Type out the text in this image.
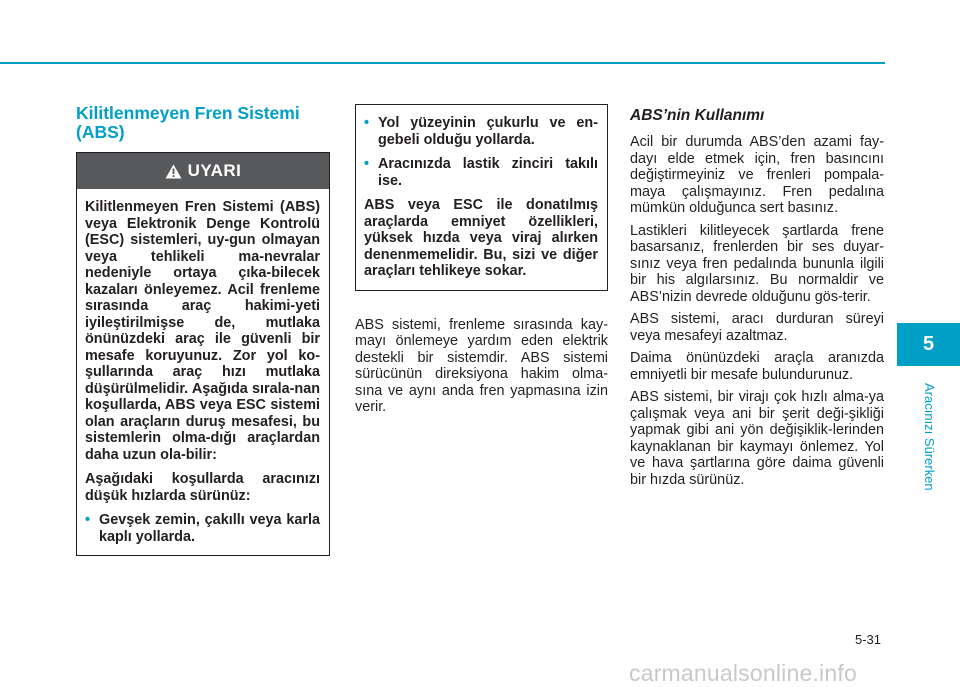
Kilitlenmeyen Fren Sistemi (ABS)
UYARI

Kilitlenmeyen Fren Sistemi (ABS) veya Elektronik Denge Kontrolü (ESC) sistemleri, uy-gun olmayan veya tehlikeli ma-nevralar nedeniyle ortaya çıka-bilecek kazaları önleyemez. Acil frenleme sırasında araç hakimi-yeti iyileştirilmişse de, mutlaka önünüzdeki araç ile güvenli bir mesafe koruyunuz. Zor yol ko-şullarında araç hızı mutlaka düşürülmelidir. Aşağıda sırala-nan koşullarda, ABS veya ESC sistemi olan araçların duruş mesafesi, bu sistemlerin olma-dığı araçlardan daha uzun ola-bilir:

Aşağıdaki koşullarda aracınızı düşük hızlarda sürünüz:

• Gevşek zemin, çakıllı veya karla kaplı yollarda.

• Yol yüzeyinin çukurlu ve en-gebeli olduğu yollarda.

• Aracınızda lastik zinciri takılı ise.

ABS veya ESC ile donatılmış araçlarda emniyet özellikleri, yüksek hızda veya viraj alırken denenmemelidir. Bu, sizi ve diğer araçları tehlikeye sokar.

ABS sistemi, frenleme sırasında kay-mayı önlemeye yardım eden elektrik destekli bir sistemdir. ABS sistemi sürücünün direksiyona hakim olma-sına ve aynı anda fren yapmasına izin verir.

ABS’nin Kullanımı

Acil bir durumda ABS’den azami fay-dayı elde etmek için, fren basıncını değiştirmeyiniz ve frenleri pompala-maya çalışmayınız. Fren pedalına mümkün olduğunca sert basınız.

Lastikleri kilitleyecek şartlarda frene basarsanız, frenlerden bir ses duyar-sınız veya fren pedalında bununla ilgili bir his algılarsınız. Bu normaldir ve ABS’nizin devrede olduğunu gös-terir.

ABS sistemi, aracı durduran süreyi veya mesafeyi azaltmaz.

Daima önünüzdeki araçla aranızda emniyetli bir mesafe bulundurunuz.

ABS sistemi, bir virajı çok hızlı alma-ya çalışmak veya ani bir şerit deği-şikliği yapmak gibi ani yön değişiklik-lerinden kaynaklanan bir kaymayı önlemez. Yol ve hava şartlarına göre daima güvenli bir hızda sürünüz.

5
Aracınızı Sürerken
5-31
carmanualsonline.info
